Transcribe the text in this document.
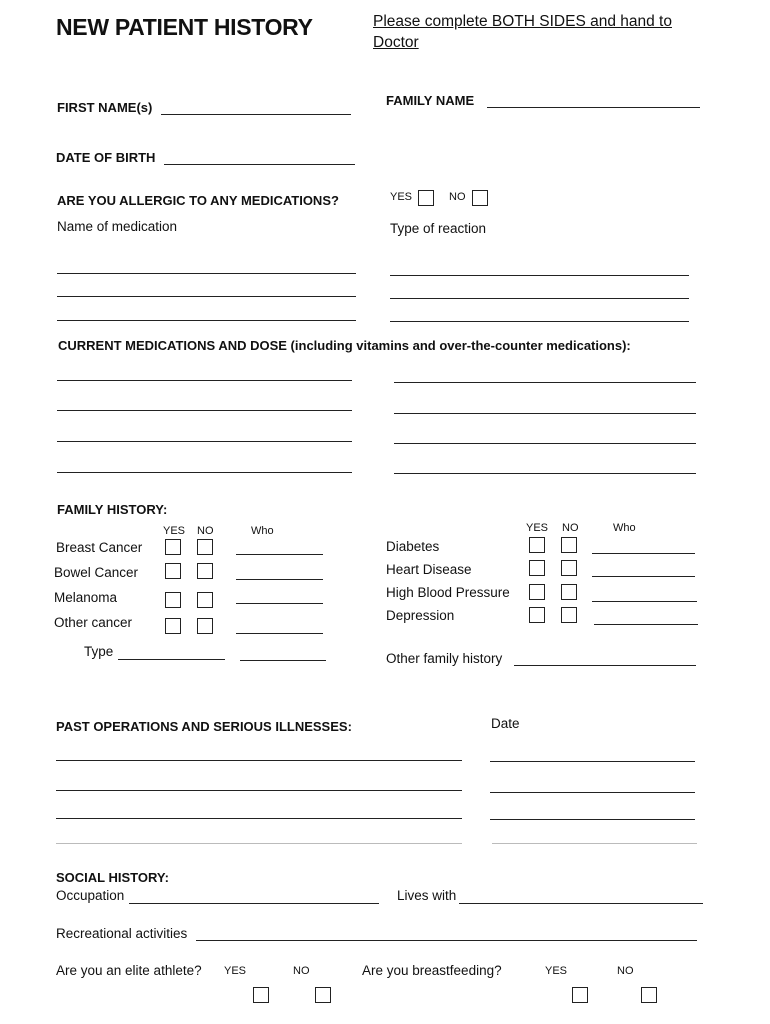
NEW PATIENT HISTORY	Please complete BOTH SIDES and hand to
Doctor
FIRST NAME(s)	FAMILY NAME
DATE OF BIRTH
ARE YOU ALLERGIC TO ANY MEDICATIONS?	YES	NO
Name of medication	Type of reaction
CURRENT MEDICATIONS AND DOSE (including vitamins and over-the-counter medications):
FAMILY HISTORY:
YES NO	Who
Breast Cancer
Bowel Cancer
Melanoma
Other cancer
Type
YES NO	Who
Diabetes
Heart Disease
High Blood Pressure
Depression
Other family history
PAST OPERATIONS AND SERIOUS ILLNESSES:	Date
SOCIAL HISTORY:
Occupation	Lives with
Recreational activities
Are you an elite athlete? YES	NO	Are you breastfeeding?	YES	NO
